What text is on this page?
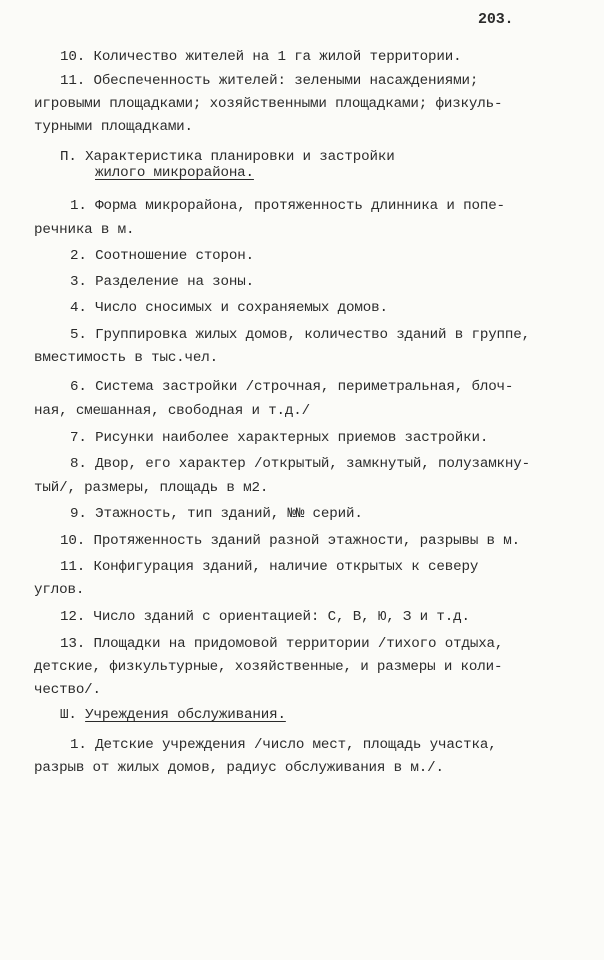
203.
10. Количество жителей на 1 га жилой территории.
11. Обеспеченность жителей: зелеными насаждениями;
игровыми площадками; хозяйственными площадками; физкуль-
турными площадками.
П. Характеристика планировки и застройки
жилого микрорайона.
1. Форма микрорайона, протяженность длинника и попе-
речника в м.
2. Соотношение сторон.
3. Разделение на зоны.
4. Число сносимых и сохраняемых домов.
5. Группировка жилых домов, количество зданий в группе,
вместимость в тыс.чел.
6. Система застройки /строчная, периметральная, блоч-
ная, смешанная, свободная и т.д./
7. Рисунки наиболее характерных приемов застройки.
8. Двор, его характер /открытый, замкнутый, полузамкну-
тый/, размеры, площадь в м2.
9. Этажность, тип зданий, №№ серий.
10. Протяженность зданий разной этажности, разрывы в м.
11. Конфигурация зданий, наличие открытых к северу
углов.
12. Число зданий с ориентацией: С, В, Ю, З и т.д.
13. Площадки на придомовой территории /тихого отдыха,
детские, физкультурные, хозяйственные, и размеры и коли-
чество/.
Ш. Учреждения обслуживания.
1. Детские учреждения /число мест, площадь участка,
разрыв от жилых домов, радиус обслуживания в м./.
